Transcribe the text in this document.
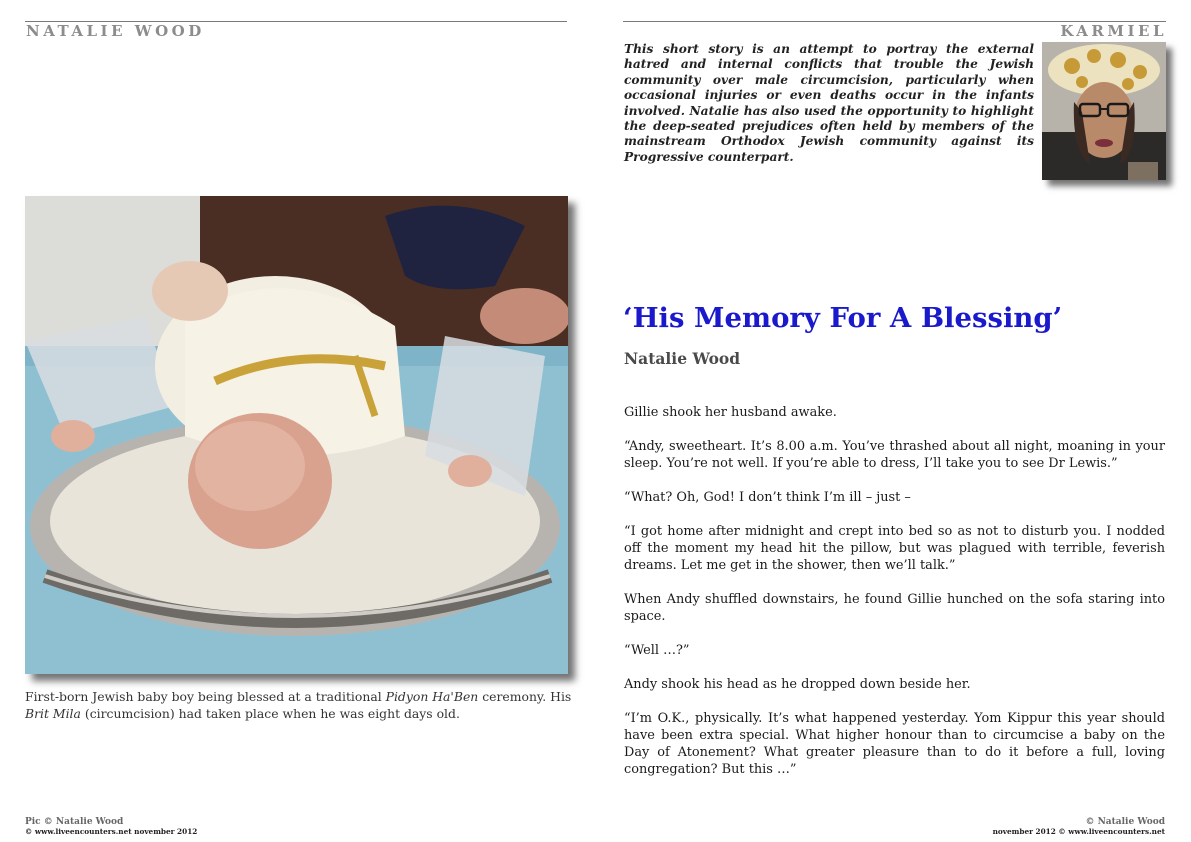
NATALIE WOOD	KARMIEL
This short story is an attempt to portray the external hatred and internal conflicts that trouble the Jewish community over male circumcision, particularly when occasional injuries or even deaths occur in the infants involved. Natalie has also used the opportunity to highlight the deep-seated prejudices often held by members of the mainstream Orthodox Jewish community against its Progressive counterpart.
First-born Jewish baby boy being blessed at a traditional Pidyon Ha'Ben ceremony. His Brit Mila (circumcision) had taken place when he was eight days old.
‘His Memory For A Blessing’
Natalie Wood

Gillie shook her husband awake.

“Andy, sweetheart. It’s 8.00 a.m. You’ve thrashed about all night, moaning in your sleep. You’re not well. If you’re able to dress, I’ll take you to see Dr Lewis.”

“What? Oh, God! I don’t think I’m ill – just –

“I got home after midnight and crept into bed so as not to disturb you. I nodded off the moment my head hit the pillow, but was plagued with terrible, feverish dreams. Let me get in the shower, then we’ll talk.”

When Andy shuffled downstairs, he found Gillie hunched on the sofa staring into space.

“Well …?”

Andy shook his head as he dropped down beside her.

“I’m O.K., physically. It’s what happened yesterday. Yom Kippur this year should have been extra special. What higher honour than to circumcise a baby on the Day of Atonement? What greater pleasure than to do it before a full, loving congregation? But this …”

Pic © Natalie Wood
© www.liveencounters.net november 2012
© Natalie Wood
november 2012 © www.liveencounters.net
